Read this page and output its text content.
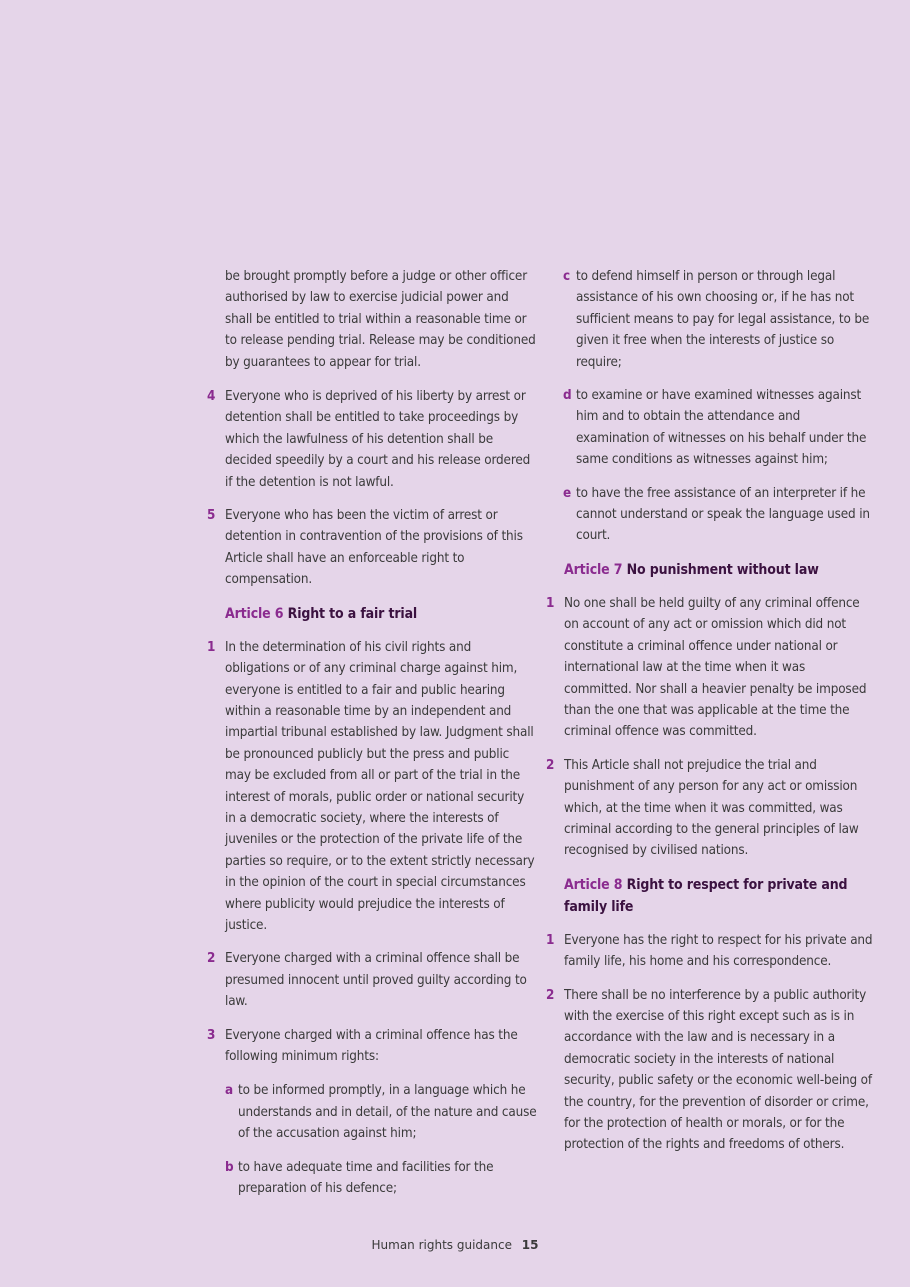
be brought promptly before a judge or other officer authorised by law to exercise judicial power and shall be entitled to trial within a reasonable time or to release pending trial. Release may be conditioned by guarantees to appear for trial.
4 Everyone who is deprived of his liberty by arrest or detention shall be entitled to take proceedings by which the lawfulness of his detention shall be decided speedily by a court and his release ordered if the detention is not lawful.
5 Everyone who has been the victim of arrest or detention in contravention of the provisions of this Article shall have an enforceable right to compensation.
Article 6 Right to a fair trial
1 In the determination of his civil rights and obligations or of any criminal charge against him, everyone is entitled to a fair and public hearing within a reasonable time by an independent and impartial tribunal established by law. Judgment shall be pronounced publicly but the press and public may be excluded from all or part of the trial in the interest of morals, public order or national security in a democratic society, where the interests of juveniles or the protection of the private life of the parties so require, or to the extent strictly necessary in the opinion of the court in special circumstances where publicity would prejudice the interests of justice.
2 Everyone charged with a criminal offence shall be presumed innocent until proved guilty according to law.
3 Everyone charged with a criminal offence has the following minimum rights:
a to be informed promptly, in a language which he understands and in detail, of the nature and cause of the accusation against him;
b to have adequate time and facilities for the preparation of his defence;
c to defend himself in person or through legal assistance of his own choosing or, if he has not sufficient means to pay for legal assistance, to be given it free when the interests of justice so require;
d to examine or have examined witnesses against him and to obtain the attendance and examination of witnesses on his behalf under the same conditions as witnesses against him;
e to have the free assistance of an interpreter if he cannot understand or speak the language used in court.
Article 7 No punishment without law
1 No one shall be held guilty of any criminal offence on account of any act or omission which did not constitute a criminal offence under national or international law at the time when it was committed. Nor shall a heavier penalty be imposed than the one that was applicable at the time the criminal offence was committed.
2 This Article shall not prejudice the trial and punishment of any person for any act or omission which, at the time when it was committed, was criminal according to the general principles of law recognised by civilised nations.
Article 8 Right to respect for private and family life
1 Everyone has the right to respect for his private and family life, his home and his correspondence.
2 There shall be no interference by a public authority with the exercise of this right except such as is in accordance with the law and is necessary in a democratic society in the interests of national security, public safety or the economic well-being of the country, for the prevention of disorder or crime, for the protection of health or morals, or for the protection of the rights and freedoms of others.
Human rights guidance 15
